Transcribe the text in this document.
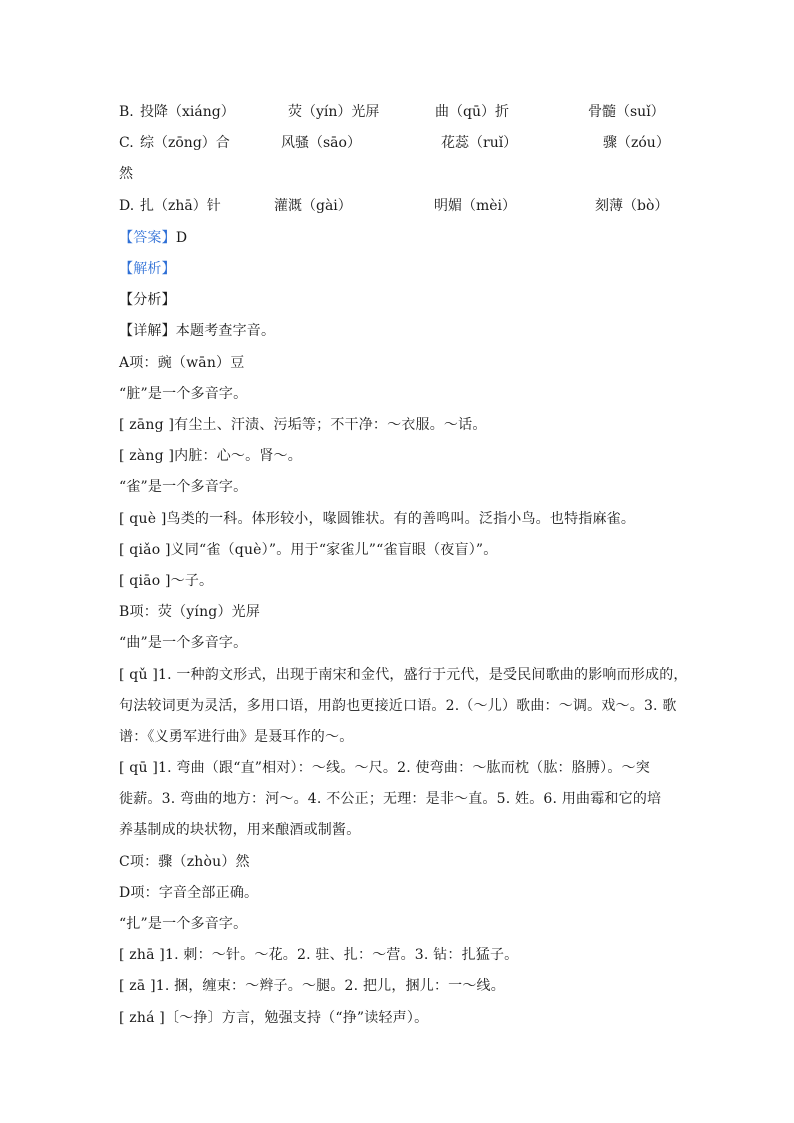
B. 投降（xiáng）	荧（yín）光屏	曲（qū）折	骨髓（suǐ）
C. 综（zōng）合	风骚（sāo）	花蕊（ruǐ）	骤（zóu）
然
D. 扎（zhā）针	灌溉（gài）	明媚（mèi）	刻薄（bò）
【答案】D
【解析】
【分析】
【详解】本题考查字音。
A项：豌（wān）豆
“脏”是一个多音字。
[ zāng ]有尘土、汗渍、污垢等；不干净：～衣服。～话。
[ zàng ]内脏：心～。肾～。
“雀”是一个多音字。
[ què ]鸟类的一科。体形较小，喙圆锥状。有的善鸣叫。泛指小鸟。也特指麻雀。
[ qiǎo ]义同“雀（què）”。用于“家雀儿”“雀盲眼（夜盲）”。
[ qiāo ]～子。
B项：荧（yíng）光屏
“曲”是一个多音字。
[ qǔ ]1. 一种韵文形式，出现于南宋和金代，盛行于元代，是受民间歌曲的影响而形成的，
句法较词更为灵活，多用口语，用韵也更接近口语。2.（～儿）歌曲：～调。戏～。3. 歌
谱：《义勇军进行曲》是聂耳作的～。
[ qū ]1. 弯曲（跟“直”相对）：～线。～尺。2. 使弯曲：～肱而枕（肱：胳膊）。～突
徙薪。3. 弯曲的地方：河～。4. 不公正；无理：是非～直。5. 姓。6. 用曲霉和它的培
养基制成的块状物，用来酿酒或制酱。
C项：骤（zhòu）然
D项：字音全部正确。
“扎”是一个多音字。
[ zhā ]1. 刺：～针。～花。2. 驻、扎：～营。3. 钻：扎猛子。
[ zā ]1. 捆，缠束：～辫子。～腿。2. 把儿，捆儿：一～线。
[ zhá ]〔～挣〕方言，勉强支持（“挣”读轻声）。
